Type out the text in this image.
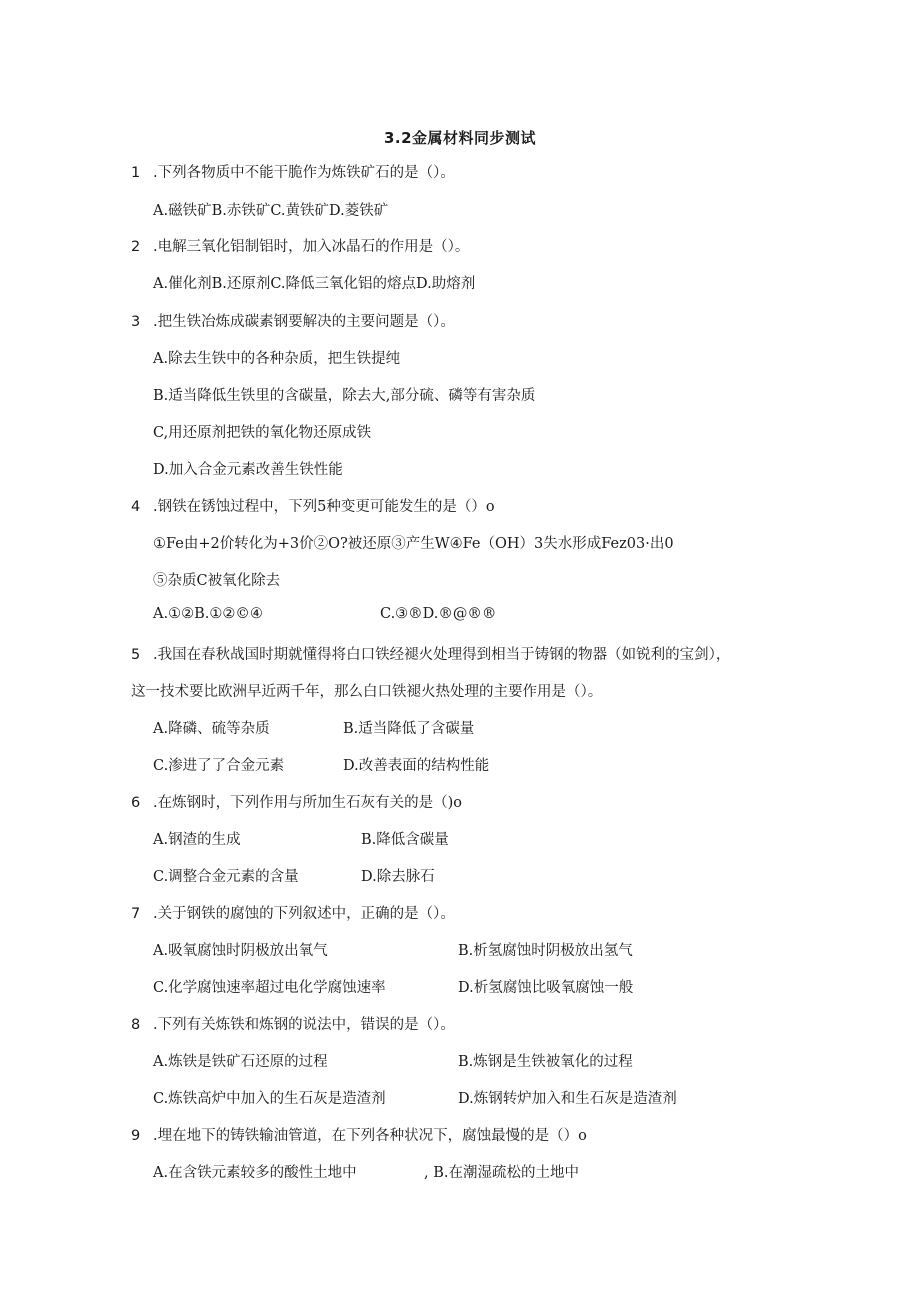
3.2金属材料同步测试
1 .下列各物质中不能干脆作为炼铁矿石的是（）。
A.磁铁矿B.赤铁矿C.黄铁矿D.菱铁矿
2 .电解三氧化铝制铝时，加入冰晶石的作用是（）。
A.催化剂B.还原剂C.降低三氧化铝的熔点D.助熔剂
3 .把生铁冶炼成碳素钢要解决的主要问题是（）。
A.除去生铁中的各种杂质，把生铁提纯
B.适当降低生铁里的含碳量，除去大,部分硫、磷等有害杂质
C,用还原剂把铁的氧化物还原成铁
D.加入合金元素改善生铁性能
4 .钢铁在锈蚀过程中，下列5种变更可能发生的是（）o
①Fe由+2价转化为+3价②O?被还原③产生W④Fe（OH）3失水形成Fez03·出0
⑤杂质C被氧化除去
A.①②B.①②©④	C.③®D.®@®®
5 .我国在春秋战国时期就懂得将白口铁经褪火处理得到相当于铸钢的物器（如锐利的宝剑），
这一技术要比欧洲早近两千年，那么白口铁褪火热处理的主要作用是（）。
A.降磷、硫等杂质	B.适当降低了含碳量
C.渗进了了合金元素	D.改善表面的结构性能
6 .在炼钢时，下列作用与所加生石灰有关的是（)o
A.钢渣的生成	B.降低含碳量
C.调整合金元素的含量	D.除去脉石
7 .关于钢铁的腐蚀的下列叙述中，正确的是（）。
A.吸氧腐蚀时阴极放出氧气	B.析氢腐蚀时阴极放出氢气
C.化学腐蚀速率超过电化学腐蚀速率	D.析氢腐蚀比吸氧腐蚀一般
8 .下列有关炼铁和炼钢的说法中，错误的是（）。
A.炼铁是铁矿石还原的过程	B.炼钢是生铁被氧化的过程
C.炼铁高炉中加入的生石灰是造渣剂	D.炼钢转炉加入和生石灰是造渣剂
9 .埋在地下的铸铁输油管道，在下列各种状况下，腐蚀最慢的是（）o
A.在含铁元素较多的酸性土地中	, B.在潮湿疏松的土地中
